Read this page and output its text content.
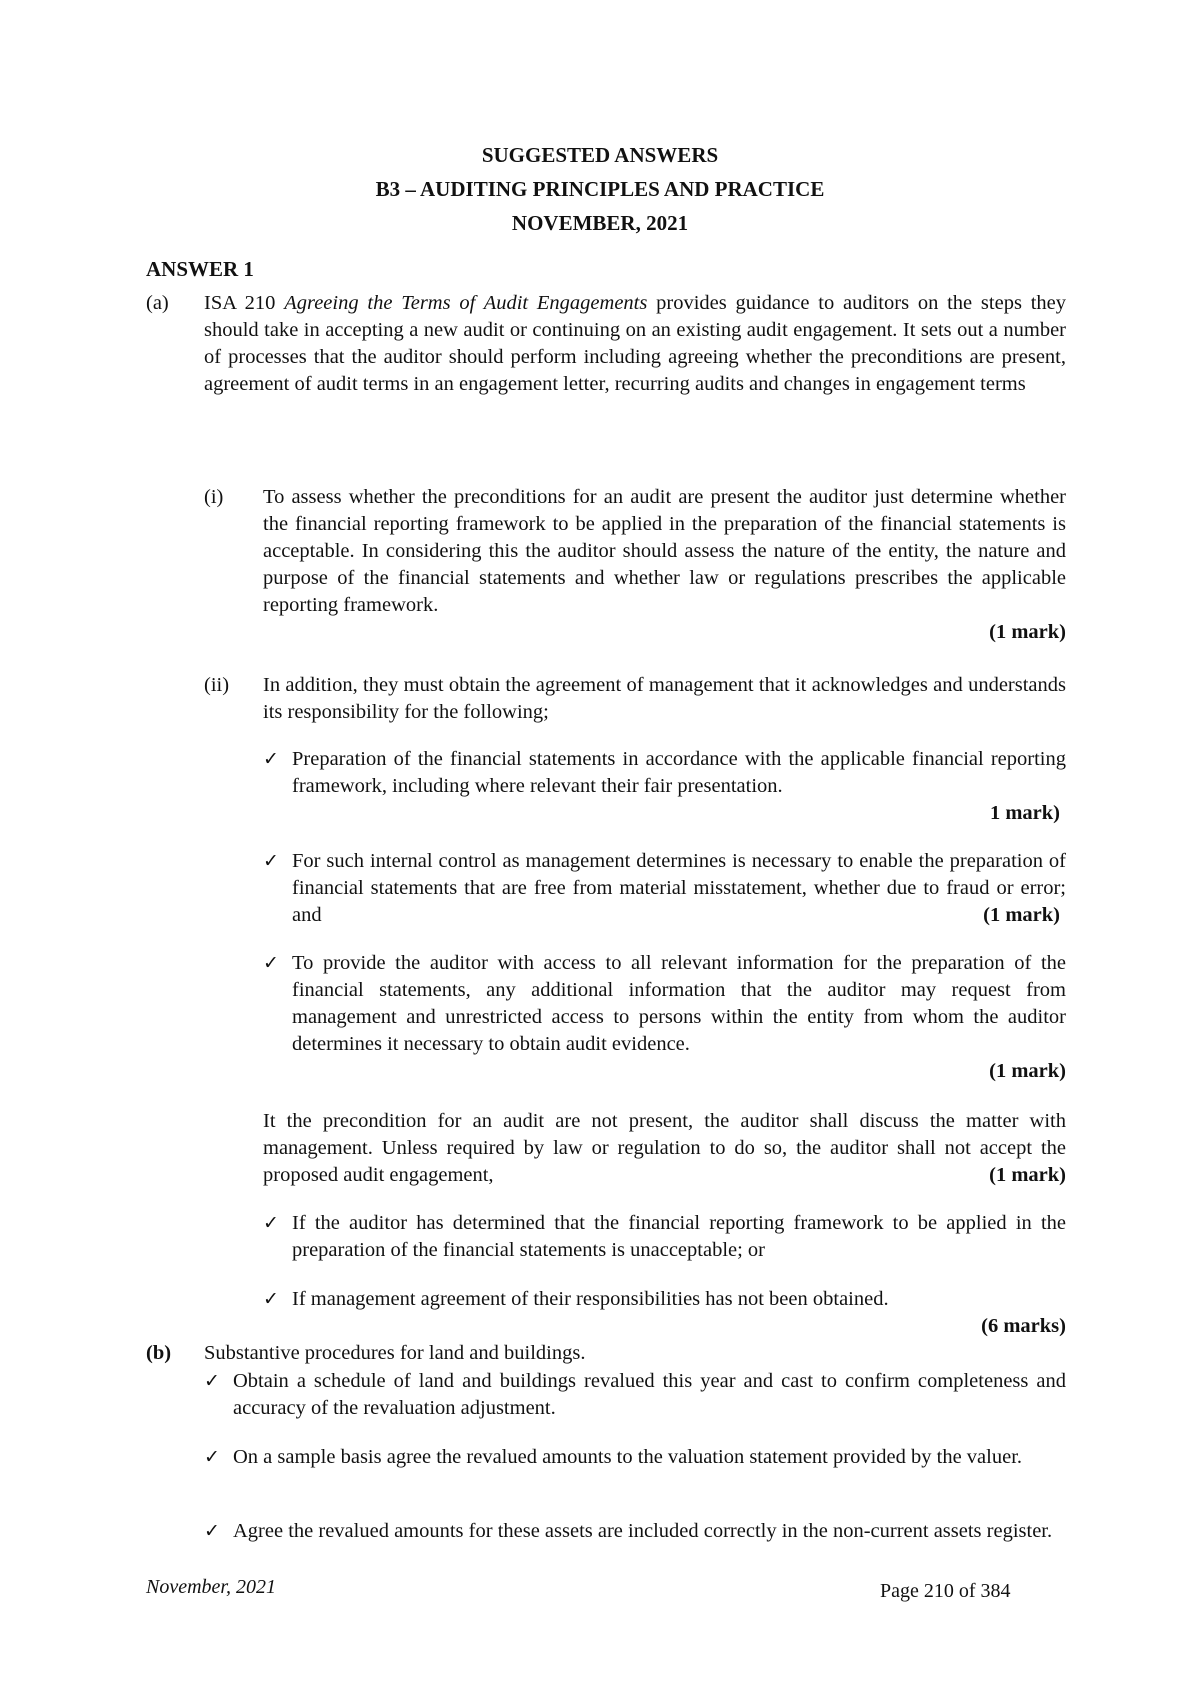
SUGGESTED ANSWERS
B3 – AUDITING PRINCIPLES AND PRACTICE
NOVEMBER, 2021
ANSWER 1
(a) ISA 210 Agreeing the Terms of Audit Engagements provides guidance to auditors on the steps they should take in accepting a new audit or continuing on an existing audit engagement. It sets out a number of processes that the auditor should perform including agreeing whether the preconditions are present, agreement of audit terms in an engagement letter, recurring audits and changes in engagement terms
(i) To assess whether the preconditions for an audit are present the auditor just determine whether the financial reporting framework to be applied in the preparation of the financial statements is acceptable. In considering this the auditor should assess the nature of the entity, the nature and purpose of the financial statements and whether law or regulations prescribes the applicable reporting framework.
(1 mark)
(ii) In addition, they must obtain the agreement of management that it acknowledges and understands its responsibility for the following;
✓ Preparation of the financial statements in accordance with the applicable financial reporting framework, including where relevant their fair presentation.
1 mark)
✓ For such internal control as management determines is necessary to enable the preparation of financial statements that are free from material misstatement, whether due to fraud or error; and	(1 mark)
✓ To provide the auditor with access to all relevant information for the preparation of the financial statements, any additional information that the auditor may request from management and unrestricted access to persons within the entity from whom the auditor determines it necessary to obtain audit evidence.
(1 mark)
It the precondition for an audit are not present, the auditor shall discuss the matter with management. Unless required by law or regulation to do so, the auditor shall not accept the proposed audit engagement,	(1 mark)
✓ If the auditor has determined that the financial reporting framework to be applied in the preparation of the financial statements is unacceptable; or
✓ If management agreement of their responsibilities has not been obtained.
(6 marks)
(b) Substantive procedures for land and buildings.
✓ Obtain a schedule of land and buildings revalued this year and cast to confirm completeness and accuracy of the revaluation adjustment.
✓ On a sample basis agree the revalued amounts to the valuation statement provided by the valuer.
✓ Agree the revalued amounts for these assets are included correctly in the non-current assets register.
November, 2021	Page 210 of 384
